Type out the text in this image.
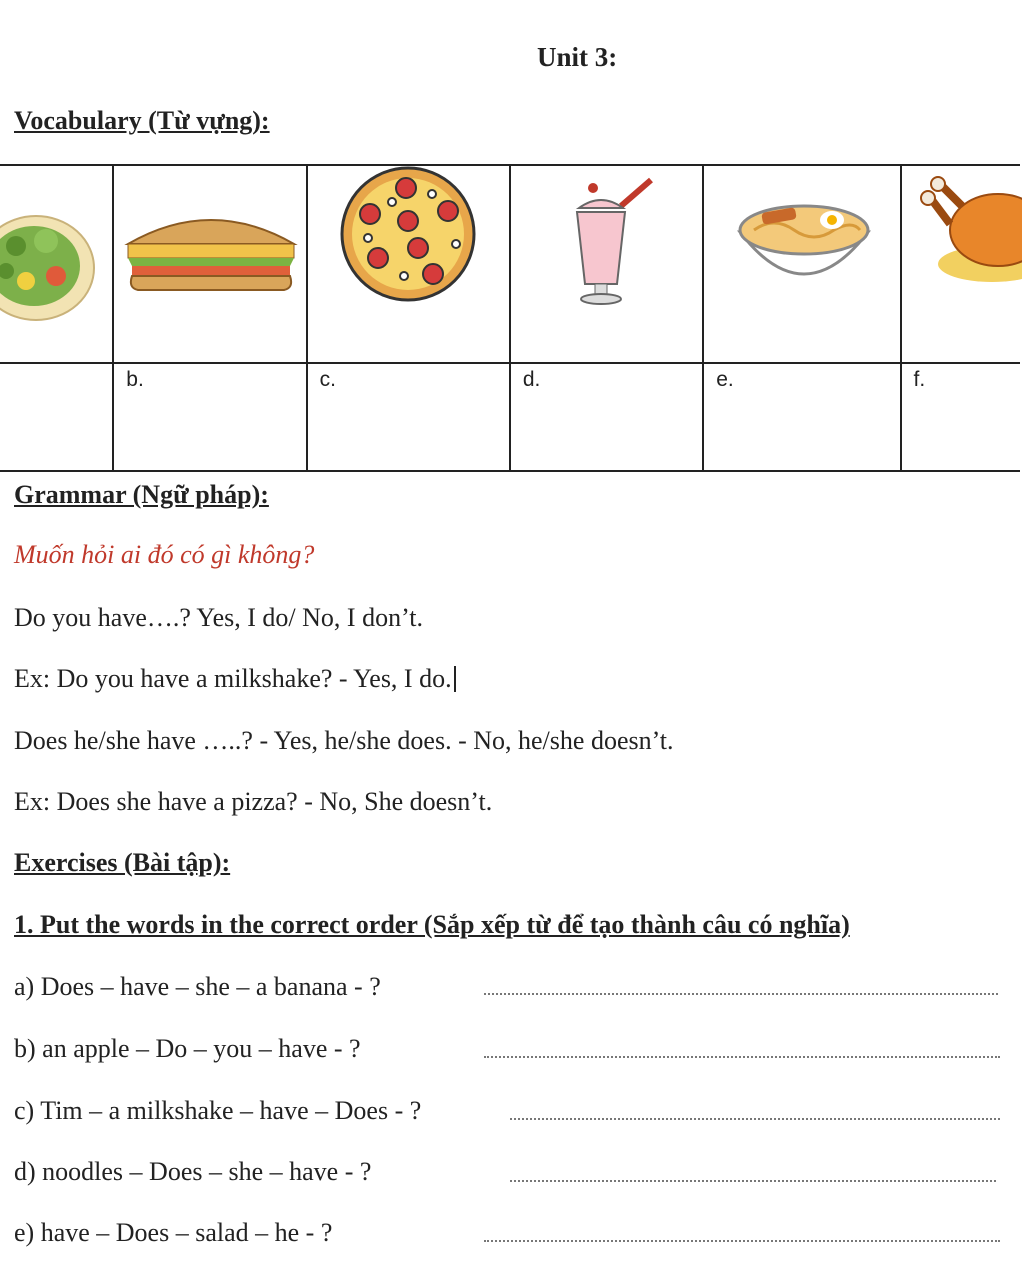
Unit 3:
Vocabulary (Từ vựng):

	b.	c.	d.	e.	f.
Grammar (Ngữ pháp):
Muốn hỏi ai đó có gì không?
Do you have….? Yes, I do/ No, I don’t.
Ex: Do you have a milkshake? - Yes, I do.
Does he/she have …..? - Yes, he/she does. - No, he/she doesn’t.
Ex: Does she have a pizza? - No, She doesn’t.
Exercises (Bài tập):
1. Put the words in the correct order (Sắp xếp từ để tạo thành câu có nghĩa)
a) Does – have – she – a banana - ?
b) an apple – Do – you – have - ?
c) Tim – a milkshake – have – Does - ?
d) noodles – Does – she – have - ?
e) have – Does – salad – he - ?
